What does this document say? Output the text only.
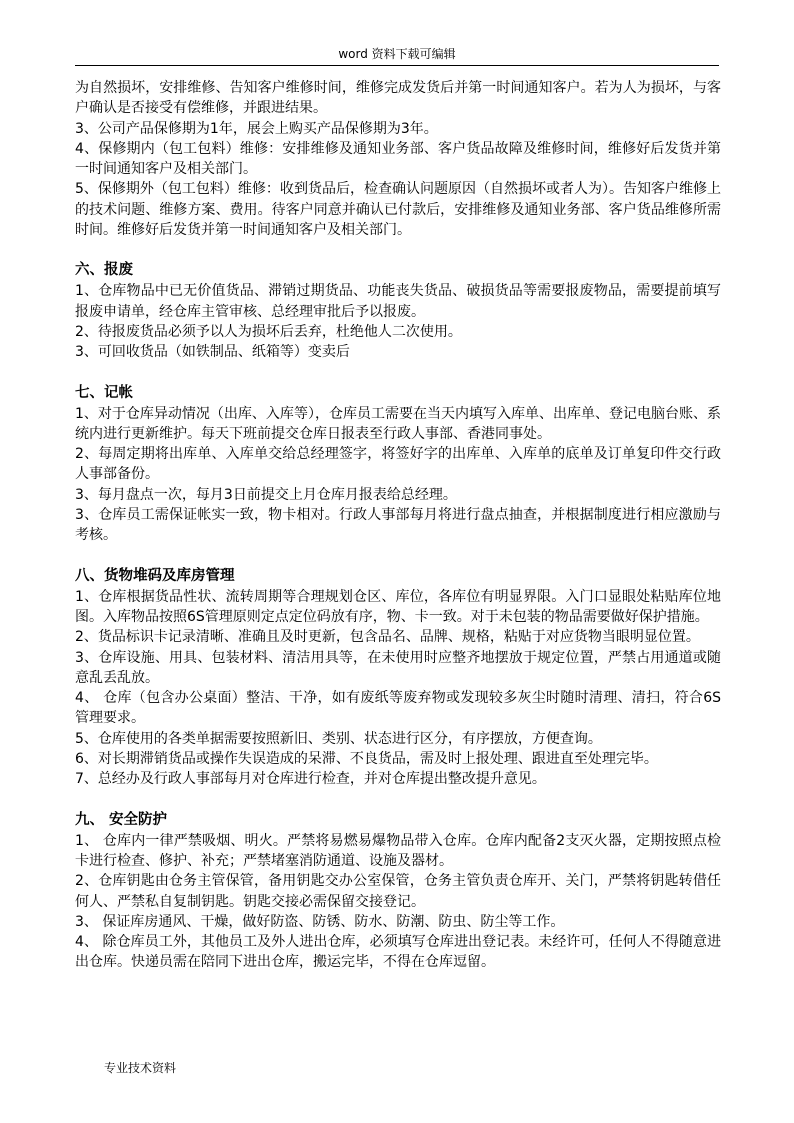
word 资料下载可编辑

为自然损坏，安排维修、告知客户维修时间，维修完成发货后并第一时间通知客户。若为人为损坏，与客户确认是否接受有偿维修，并跟进结果。

3、公司产品保修期为1年，展会上购买产品保修期为3年。

4、保修期内（包工包料）维修：安排维修及通知业务部、客户货品故障及维修时间，维修好后发货并第一时间通知客户及相关部门。

5、保修期外（包工包料）维修：收到货品后，检查确认问题原因（自然损坏或者人为）。告知客户维修上的技术问题、维修方案、费用。待客户同意并确认已付款后，安排维修及通知业务部、客户货品维修所需时间。维修好后发货并第一时间通知客户及相关部门。

六、报废

1、仓库物品中已无价值货品、滞销过期货品、功能丧失货品、破损货品等需要报废物品，需要提前填写报废申请单，经仓库主管审核、总经理审批后予以报废。

2、待报废货品必须予以人为损坏后丢弃，杜绝他人二次使用。

3、可回收货品（如铁制品、纸箱等）变卖后

七、记帐

1、对于仓库异动情况（出库、入库等），仓库员工需要在当天内填写入库单、出库单、登记电脑台账、系统内进行更新维护。每天下班前提交仓库日报表至行政人事部、香港同事处。

2、每周定期将出库单、入库单交给总经理签字，将签好字的出库单、入库单的底单及订单复印件交行政人事部备份。

3、每月盘点一次，每月3日前提交上月仓库月报表给总经理。

3、仓库员工需保证帐实一致，物卡相对。行政人事部每月将进行盘点抽查，并根据制度进行相应激励与考核。

八、货物堆码及库房管理

1、仓库根据货品性状、流转周期等合理规划仓区、库位，各库位有明显界限。入门口显眼处粘贴库位地图。入库物品按照6S管理原则定点定位码放有序，物、卡一致。对于未包装的物品需要做好保护措施。

2、货品标识卡记录清晰、准确且及时更新，包含品名、品牌、规格，粘贴于对应货物当眼明显位置。

3、仓库设施、用具、包装材料、清洁用具等，在未使用时应整齐地摆放于规定位置，严禁占用通道或随意乱丢乱放。

4、 仓库（包含办公桌面）整洁、干净，如有废纸等废弃物或发现较多灰尘时随时清理、清扫，符合6S管理要求。

5、仓库使用的各类单据需要按照新旧、类别、状态进行区分，有序摆放，方便查询。

6、对长期滞销货品或操作失误造成的呆滞、不良货品，需及时上报处理、跟进直至处理完毕。

7、总经办及行政人事部每月对仓库进行检查，并对仓库提出整改提升意见。

九、 安全防护

1、 仓库内一律严禁吸烟、明火。严禁将易燃易爆物品带入仓库。仓库内配备2支灭火器，定期按照点检卡进行检查、修护、补充；严禁堵塞消防通道、设施及器材。

2、仓库钥匙由仓务主管保管，备用钥匙交办公室保管，仓务主管负责仓库开、关门，严禁将钥匙转借任何人、严禁私自复制钥匙。钥匙交接必需保留交接登记。

3、 保证库房通风、干燥，做好防盗、防锈、防水、防潮、防虫、防尘等工作。

4、 除仓库员工外，其他员工及外人进出仓库，必须填写仓库进出登记表。未经许可，任何人不得随意进出仓库。快递员需在陪同下进出仓库，搬运完毕，不得在仓库逗留。

专业技术资料
